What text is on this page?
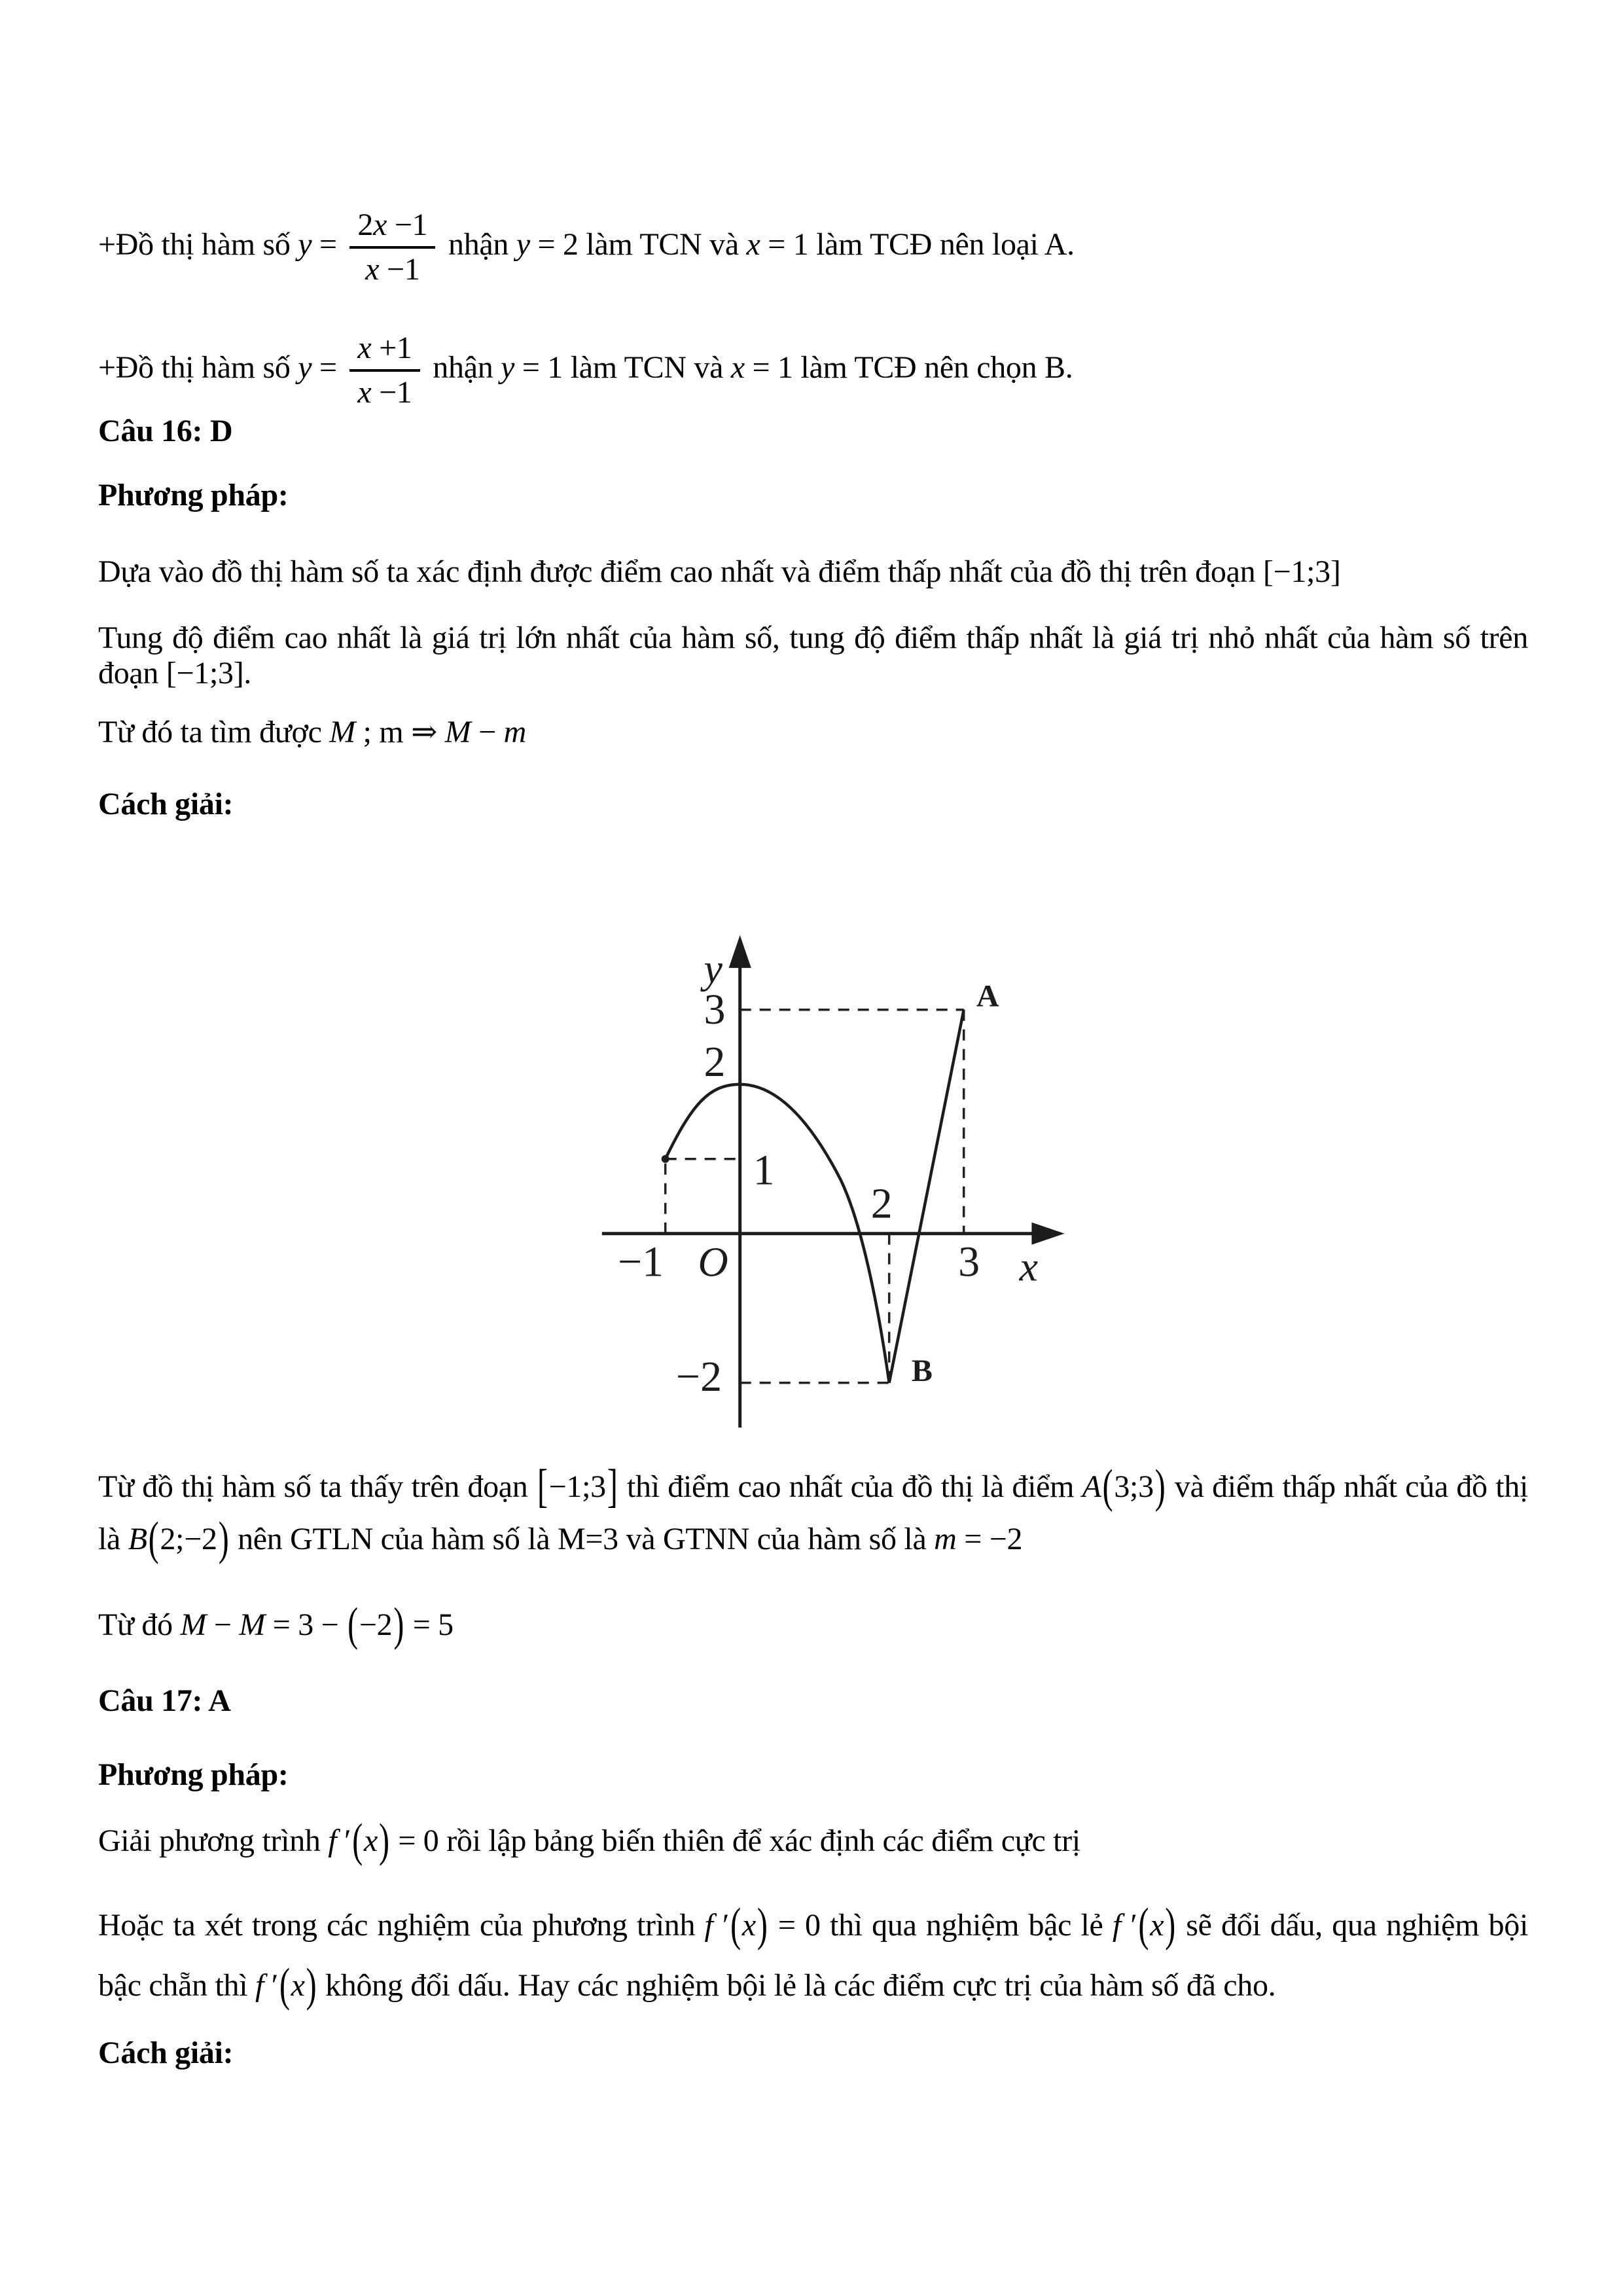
+Đồ thị hàm số $y = \frac{2x -1}{x -1}$ nhận y = 2 làm TCN và x = 1 làm TCĐ nên loại A.
+Đồ thị hàm số $y = \frac{x +1}{x -1}$ nhận y = 1 làm TCN và x = 1 làm TCĐ nên chọn B.
Câu 16: D
Phương pháp:
Dựa vào đồ thị hàm số ta xác định được điểm cao nhất và điểm thấp nhất của đồ thị trên đoạn [−1;3]
Tung độ điểm cao nhất là giá trị lớn nhất của hàm số, tung độ điểm thấp nhất là giá trị nhỏ nhất của hàm số trên đoạn [−1;3].
Từ đó ta tìm được M ; m ⇒ M − m
Cách giải:
y
3
2
1
−2
−1 O
2
3 x
A
B
Từ đồ thị hàm số ta thấy trên đoạn [−1;3] thì điểm cao nhất của đồ thị là điểm A(3;3) và điểm thấp nhất của đồ thị là B(2;−2) nên GTLN của hàm số là M=3 và GTNN của hàm số là m = −2
Từ đó M − M = 3 − (−2) = 5
Câu 17: A
Phương pháp:
Giải phương trình f ′(x) = 0 rồi lập bảng biến thiên để xác định các điểm cực trị
Hoặc ta xét trong các nghiệm của phương trình f ′(x) = 0 thì qua nghiệm bậc lẻ f ′(x) sẽ đổi dấu, qua nghiệm bội bậc chẵn thì f ′(x) không đổi dấu. Hay các nghiệm bội lẻ là các điểm cực trị của hàm số đã cho.
Cách giải:
